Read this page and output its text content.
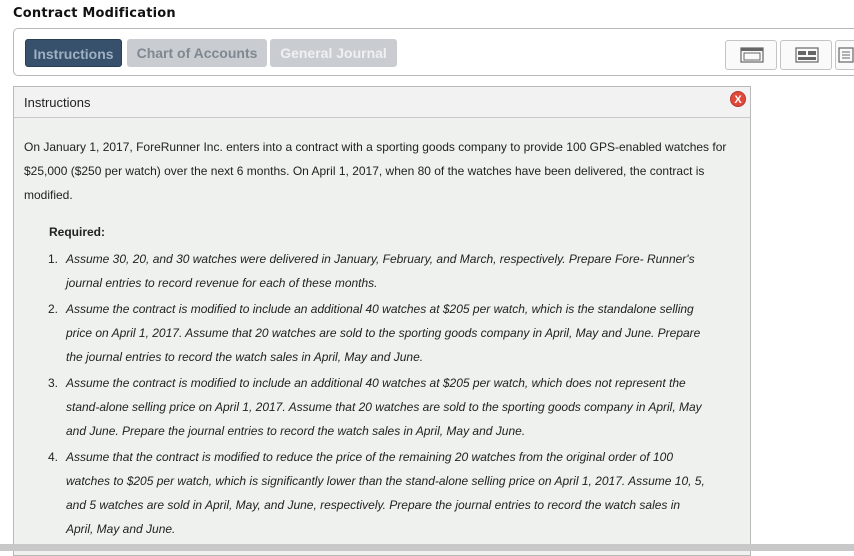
Contract Modification
Instructions	Chart of Accounts	General Journal
Instructions	X
On January 1, 2017, ForeRunner Inc. enters into a contract with a sporting goods company to provide 100 GPS-enabled watches for $25,000 ($250 per watch) over the next 6 months. On April 1, 2017, when 80 of the watches have been delivered, the contract is modified.
Required:
1. Assume 30, 20, and 30 watches were delivered in January, February, and March, respectively. Prepare Fore- Runner's journal entries to record revenue for each of these months.
2. Assume the contract is modified to include an additional 40 watches at $205 per watch, which is the standalone selling price on April 1, 2017. Assume that 20 watches are sold to the sporting goods company in April, May and June. Prepare the journal entries to record the watch sales in April, May and June.
3. Assume the contract is modified to include an additional 40 watches at $205 per watch, which does not represent the stand-alone selling price on April 1, 2017. Assume that 20 watches are sold to the sporting goods company in April, May and June. Prepare the journal entries to record the watch sales in April, May and June.
4. Assume that the contract is modified to reduce the price of the remaining 20 watches from the original order of 100 watches to $205 per watch, which is significantly lower than the stand-alone selling price on April 1, 2017. Assume 10, 5, and 5 watches are sold in April, May, and June, respectively. Prepare the journal entries to record the watch sales in April, May and June.
